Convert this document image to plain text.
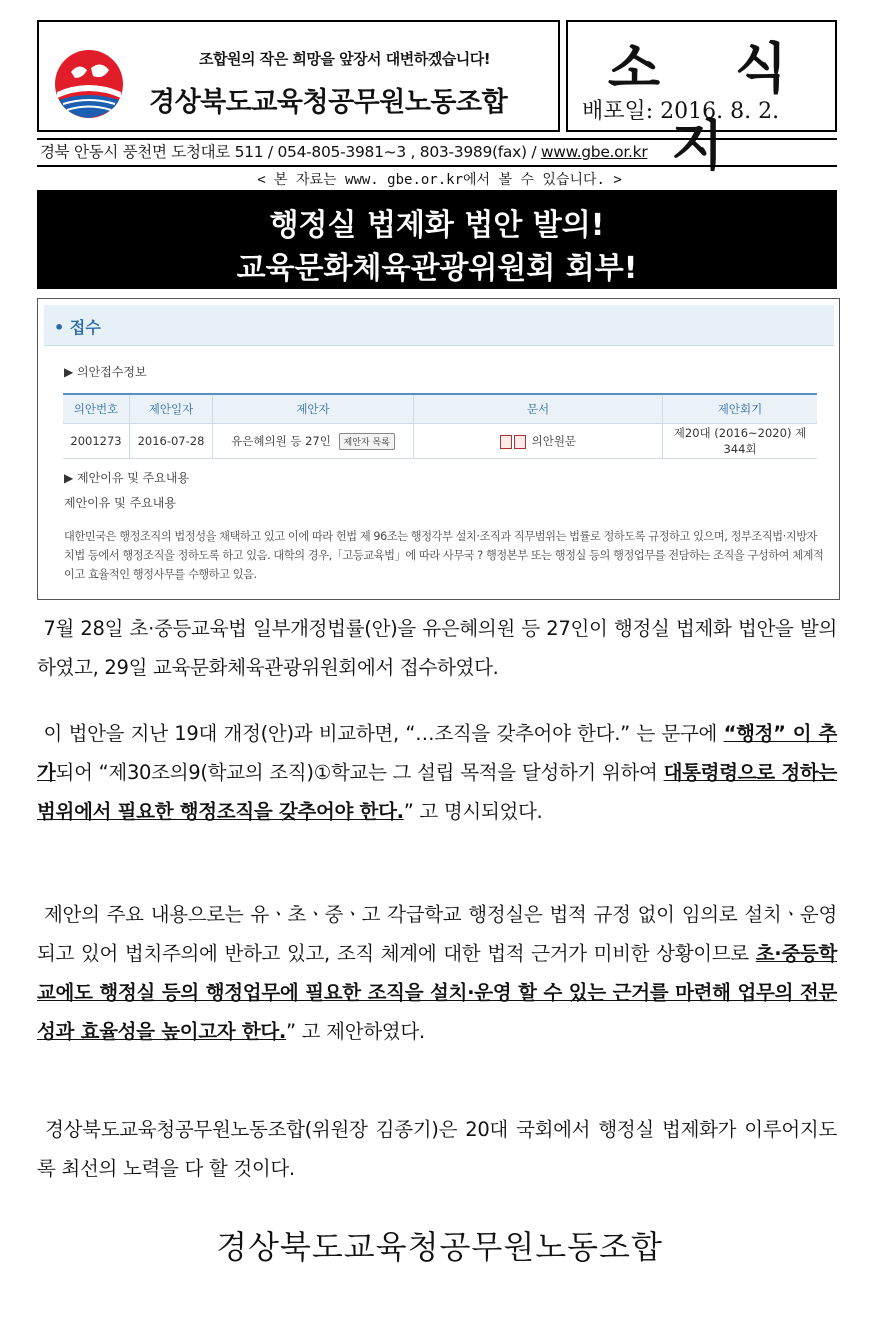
조합원의 작은 희망을 앞장서 대변하겠습니다!
경상북도교육청공무원노동조합
소 식 지
배포일: 2016. 8. 2.
경북 안동시 풍천면 도청대로 511 / 054-805-3981~3 , 803-3989(fax) / www.gbe.or.kr
< 본 자료는 www. gbe.or.kr에서 볼 수 있습니다. >
행정실 법제화 법안 발의!
교육문화체육관광위원회 회부!
• 접수
▶ 의안접수정보
의안번호	제안일자	제안자	문서	제안회기
2001273	2016-07-28	유은혜의원 등 27인 제안자 목록	의안원문	제20대 (2016~2020) 제344회
▶ 제안이유 및 주요내용
제안이유 및 주요내용
대한민국은 행정조직의 법정성을 채택하고 있고 이에 따라 헌법 제 96조는 행정각부 설치·조직과 직무범위는 법률로 정하도록 규정하고 있으며, 정부조직법·지방자치법 등에서 행정조직을 정하도록 하고 있음. 대학의 경우,「고등교육법」에 따라 사무국 ? 행정본부 또는 행정실 등의 행정업무를 전담하는 조직을 구성하여 체계적이고 효율적인 행정사무를 수행하고 있음.
7월 28일 초·중등교육법 일부개정법률(안)을 유은혜의원 등 27인이 행정실 법제화 법안을 발의하였고, 29일 교육문화체육관광위원회에서 접수하였다.
이 법안을 지난 19대 개정(안)과 비교하면, “…조직을 갖추어야 한다.” 는 문구에 “행정” 이 추가되어 “제30조의9(학교의 조직)①학교는 그 설립 목적을 달성하기 위하여 대통령령으로 정하는 범위에서 필요한 행정조직을 갖추어야 한다.” 고 명시되었다.
제안의 주요 내용으로는 유ㆍ초ㆍ중ㆍ고 각급학교 행정실은 법적 규정 없이 임의로 설치ㆍ운영되고 있어 법치주의에 반하고 있고, 조직 체계에 대한 법적 근거가 미비한 상황이므로 초·중등학교에도 행정실 등의 행정업무에 필요한 조직을 설치·운영 할 수 있는 근거를 마련해 업무의 전문성과 효율성을 높이고자 한다.” 고 제안하였다.
경상북도교육청공무원노동조합(위원장 김종기)은 20대 국회에서 행정실 법제화가 이루어지도록 최선의 노력을 다 할 것이다.
경상북도교육청공무원노동조합
